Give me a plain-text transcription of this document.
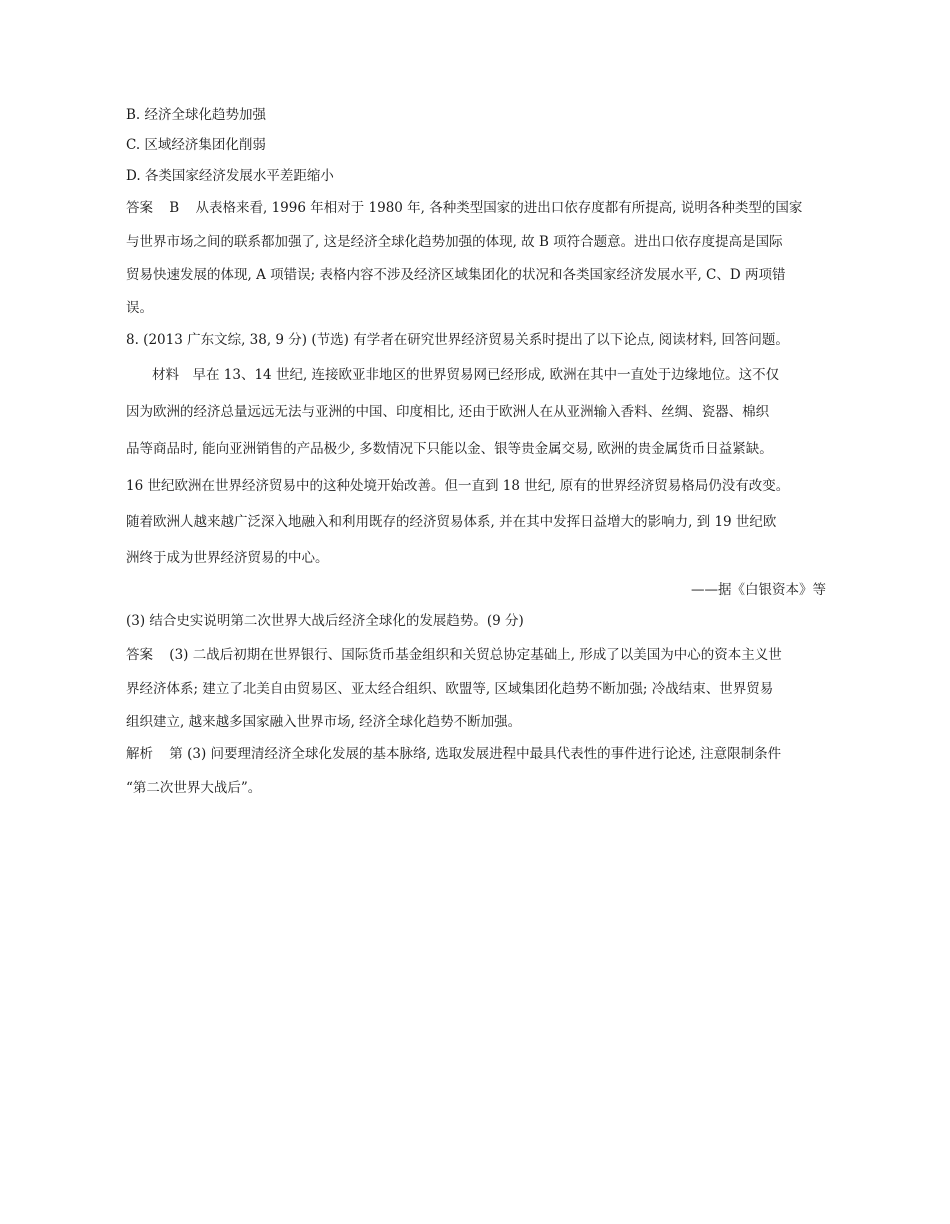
B. 经济全球化趋势加强
C. 区域经济集团化削弱
D. 各类国家经济发展水平差距缩小
答案 B 从表格来看, 1996 年相对于 1980 年, 各种类型国家的进出口依存度都有所提高, 说明各种类型的国家
与世界市场之间的联系都加强了, 这是经济全球化趋势加强的体现, 故 B 项符合题意。进出口依存度提高是国际
贸易快速发展的体现, A 项错误; 表格内容不涉及经济区域集团化的状况和各类国家经济发展水平, C、D 两项错
误。
8. (2013 广东文综, 38, 9 分) (节选) 有学者在研究世界经济贸易关系时提出了以下论点, 阅读材料, 回答问题。
材料　早在 13、14 世纪, 连接欧亚非地区的世界贸易网已经形成, 欧洲在其中一直处于边缘地位。这不仅
因为欧洲的经济总量远远无法与亚洲的中国、印度相比, 还由于欧洲人在从亚洲输入香料、丝绸、瓷器、棉织
品等商品时, 能向亚洲销售的产品极少, 多数情况下只能以金、银等贵金属交易, 欧洲的贵金属货币日益紧缺。
16 世纪欧洲在世界经济贸易中的这种处境开始改善。但一直到 18 世纪, 原有的世界经济贸易格局仍没有改变。
随着欧洲人越来越广泛深入地融入和利用既存的经济贸易体系, 并在其中发挥日益增大的影响力, 到 19 世纪欧
洲终于成为世界经济贸易的中心。
——据《白银资本》等
(3) 结合史实说明第二次世界大战后经济全球化的发展趋势。(9 分)
答案 (3) 二战后初期在世界银行、国际货币基金组织和关贸总协定基础上, 形成了以美国为中心的资本主义世
界经济体系; 建立了北美自由贸易区、亚太经合组织、欧盟等, 区域集团化趋势不断加强; 冷战结束、世界贸易
组织建立, 越来越多国家融入世界市场, 经济全球化趋势不断加强。
解析 第 (3) 问要理清经济全球化发展的基本脉络, 选取发展进程中最具代表性的事件进行论述, 注意限制条件
“第二次世界大战后”。
